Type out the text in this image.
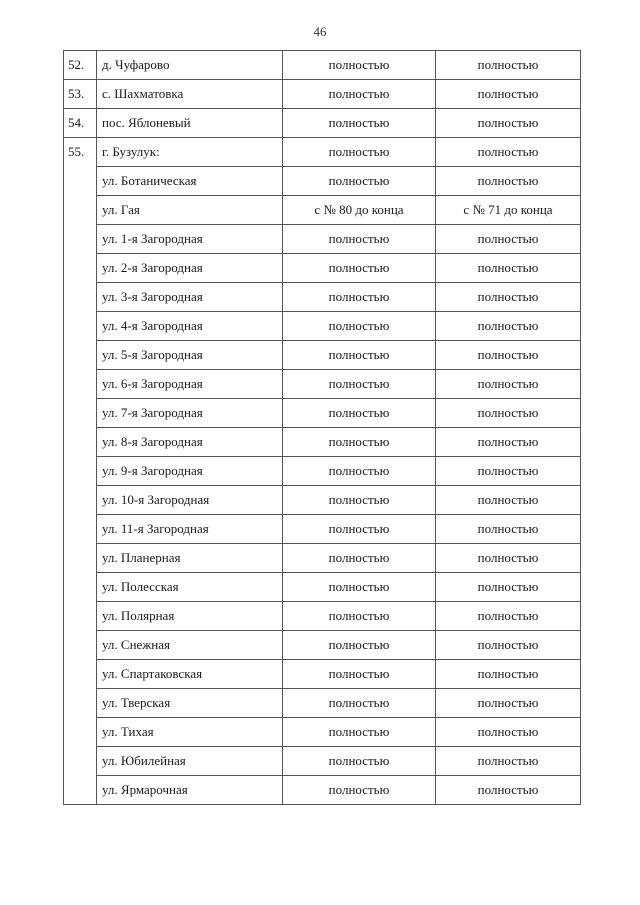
46
52.	д. Чуфарово	полностью	полностью
53.	с. Шахматовка	полностью	полностью
54.	пос. Яблоневый	полностью	полностью
55.	г. Бузулук:	полностью	полностью
	ул. Ботаническая	полностью	полностью
	ул. Гая	с № 80 до конца	с № 71 до конца
	ул. 1-я Загородная	полностью	полностью
	ул. 2-я Загородная	полностью	полностью
	ул. 3-я Загородная	полностью	полностью
	ул. 4-я Загородная	полностью	полностью
	ул. 5-я Загородная	полностью	полностью
	ул. 6-я Загородная	полностью	полностью
	ул. 7-я Загородная	полностью	полностью
	ул. 8-я Загородная	полностью	полностью
	ул. 9-я Загородная	полностью	полностью
	ул. 10-я Загородная	полностью	полностью
	ул. 11-я Загородная	полностью	полностью
	ул. Планерная	полностью	полностью
	ул. Полесская	полностью	полностью
	ул. Полярная	полностью	полностью
	ул. Снежная	полностью	полностью
	ул. Спартаковская	полностью	полностью
	ул. Тверская	полностью	полностью
	ул. Тихая	полностью	полностью
	ул. Юбилейная	полностью	полностью
	ул. Ярмарочная	полностью	полностью
